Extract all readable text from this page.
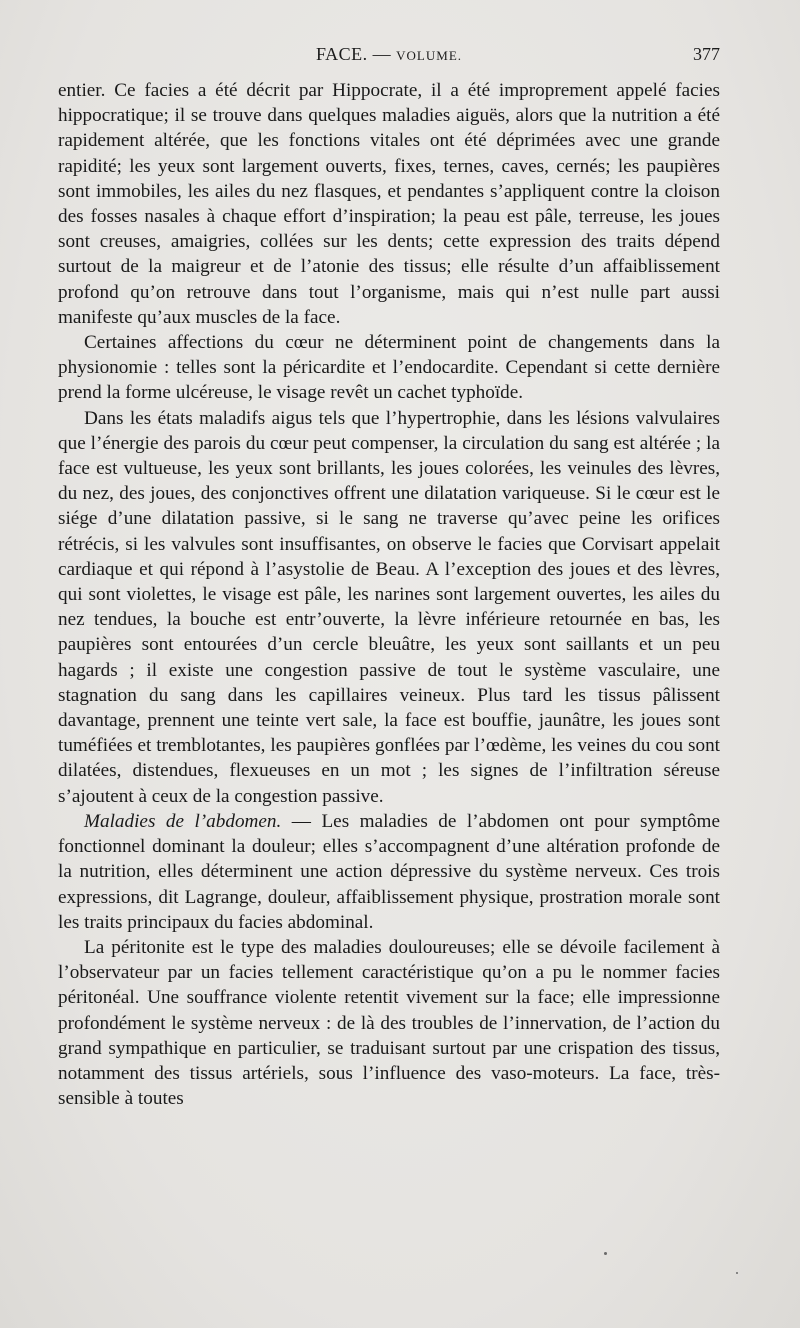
FACE. — VOLUME.	377

entier. Ce facies a été décrit par Hippocrate, il a été improprement appelé facies hippocratique; il se trouve dans quelques maladies aiguës, alors que la nutrition a été rapidement altérée, que les fonctions vitales ont été déprimées avec une grande rapidité; les yeux sont largement ouverts, fixes, ternes, caves, cernés; les paupières sont immobiles, les ailes du nez flasques, et pendantes s’appliquent contre la cloison des fosses nasales à chaque effort d’inspiration; la peau est pâle, terreuse, les joues sont creuses, amaigries, collées sur les dents; cette expression des traits dépend surtout de la maigreur et de l’atonie des tissus; elle résulte d’un affaiblissement profond qu’on retrouve dans tout l’organisme, mais qui n’est nulle part aussi manifeste qu’aux muscles de la face.

Certaines affections du cœur ne déterminent point de changements dans la physionomie : telles sont la péricardite et l’endocardite. Cependant si cette dernière prend la forme ulcéreuse, le visage revêt un cachet typhoïde.

Dans les états maladifs aigus tels que l’hypertrophie, dans les lésions valvulaires que l’énergie des parois du cœur peut compenser, la circulation du sang est altérée ; la face est vultueuse, les yeux sont brillants, les joues colorées, les veinules des lèvres, du nez, des joues, des conjonctives offrent une dilatation variqueuse. Si le cœur est le siége d’une dilatation passive, si le sang ne traverse qu’avec peine les orifices rétrécis, si les valvules sont insuffisantes, on observe le facies que Corvisart appelait cardiaque et qui répond à l’asystolie de Beau. A l’exception des joues et des lèvres, qui sont violettes, le visage est pâle, les narines sont largement ouvertes, les ailes du nez tendues, la bouche est entr’ouverte, la lèvre inférieure retournée en bas, les paupières sont entourées d’un cercle bleuâtre, les yeux sont saillants et un peu hagards ; il existe une congestion passive de tout le système vasculaire, une stagnation du sang dans les capillaires veineux. Plus tard les tissus pâlissent davantage, prennent une teinte vert sale, la face est bouffie, jaunâtre, les joues sont tuméfiées et tremblotantes, les paupières gonflées par l’œdème, les veines du cou sont dilatées, distendues, flexueuses en un mot ; les signes de l’infiltration séreuse s’ajoutent à ceux de la congestion passive.

Maladies de l’abdomen. — Les maladies de l’abdomen ont pour symptôme fonctionnel dominant la douleur; elles s’accompagnent d’une altération profonde de la nutrition, elles déterminent une action dépressive du système nerveux. Ces trois expressions, dit Lagrange, douleur, affaiblissement physique, prostration morale sont les traits principaux du facies abdominal.

La péritonite est le type des maladies douloureuses; elle se dévoile facilement à l’observateur par un facies tellement caractéristique qu’on a pu le nommer facies péritonéal. Une souffrance violente retentit vivement sur la face; elle impressionne profondément le système nerveux : de là des troubles de l’innervation, de l’action du grand sympathique en particulier, se traduisant surtout par une crispation des tissus, notamment des tissus artériels, sous l’influence des vaso-moteurs. La face, très-sensible à toutes
